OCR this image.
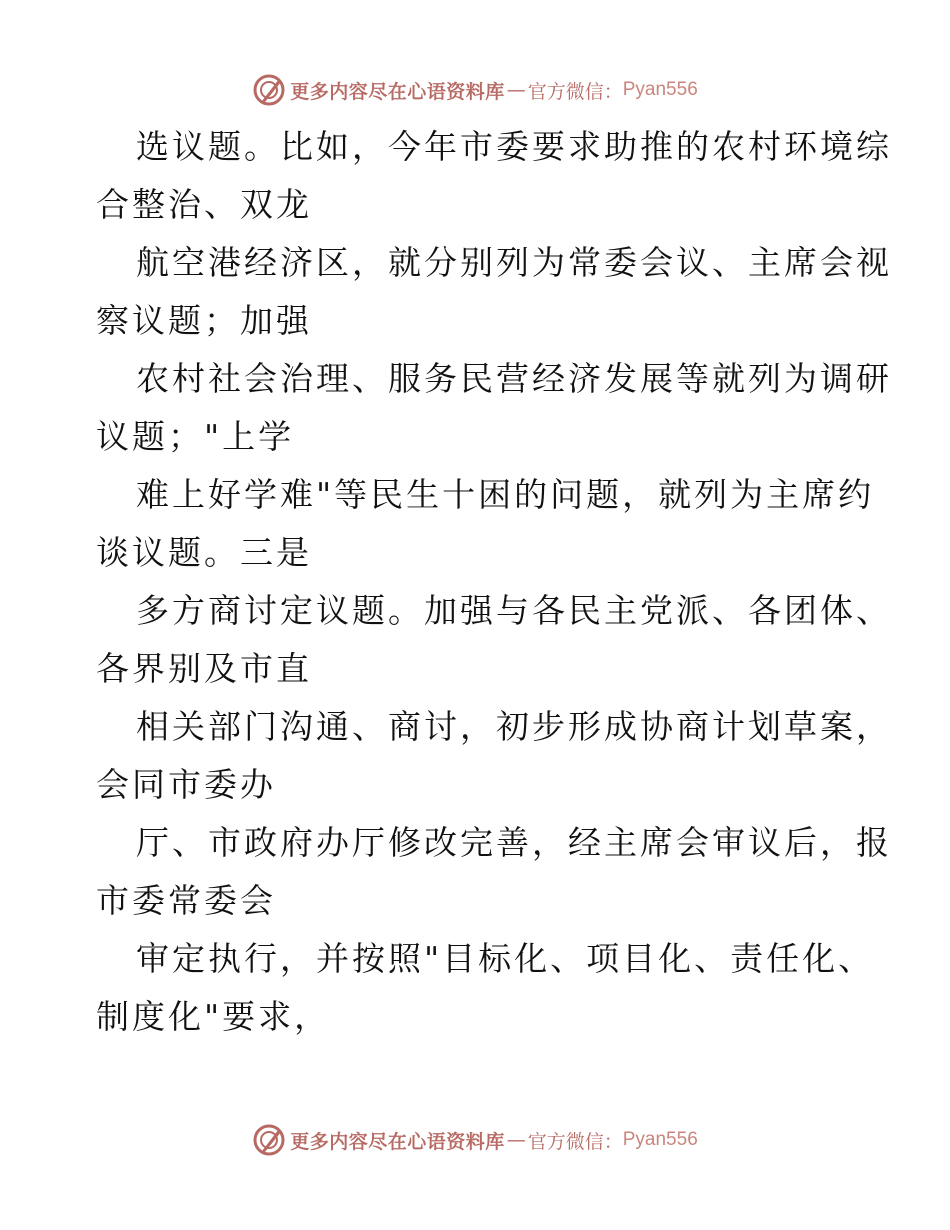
更多内容尽在心语资料库 — 官方微信： Pyan556

选议题。比如，今年市委要求助推的农村环境综
合整治、双龙

航空港经济区，就分别列为常委会议、主席会视
察议题；加强

农村社会治理、服务民营经济发展等就列为调研
议题；"上学

难上好学难"等民生十困的问题，就列为主席约
谈议题。三是

多方商讨定议题。加强与各民主党派、各团体、
各界别及市直

相关部门沟通、商讨，初步形成协商计划草案，
会同市委办

厅、市政府办厅修改完善，经主席会审议后，报
市委常委会

审定执行，并按照"目标化、项目化、责任化、
制度化"要求，

更多内容尽在心语资料库 — 官方微信： Pyan556
